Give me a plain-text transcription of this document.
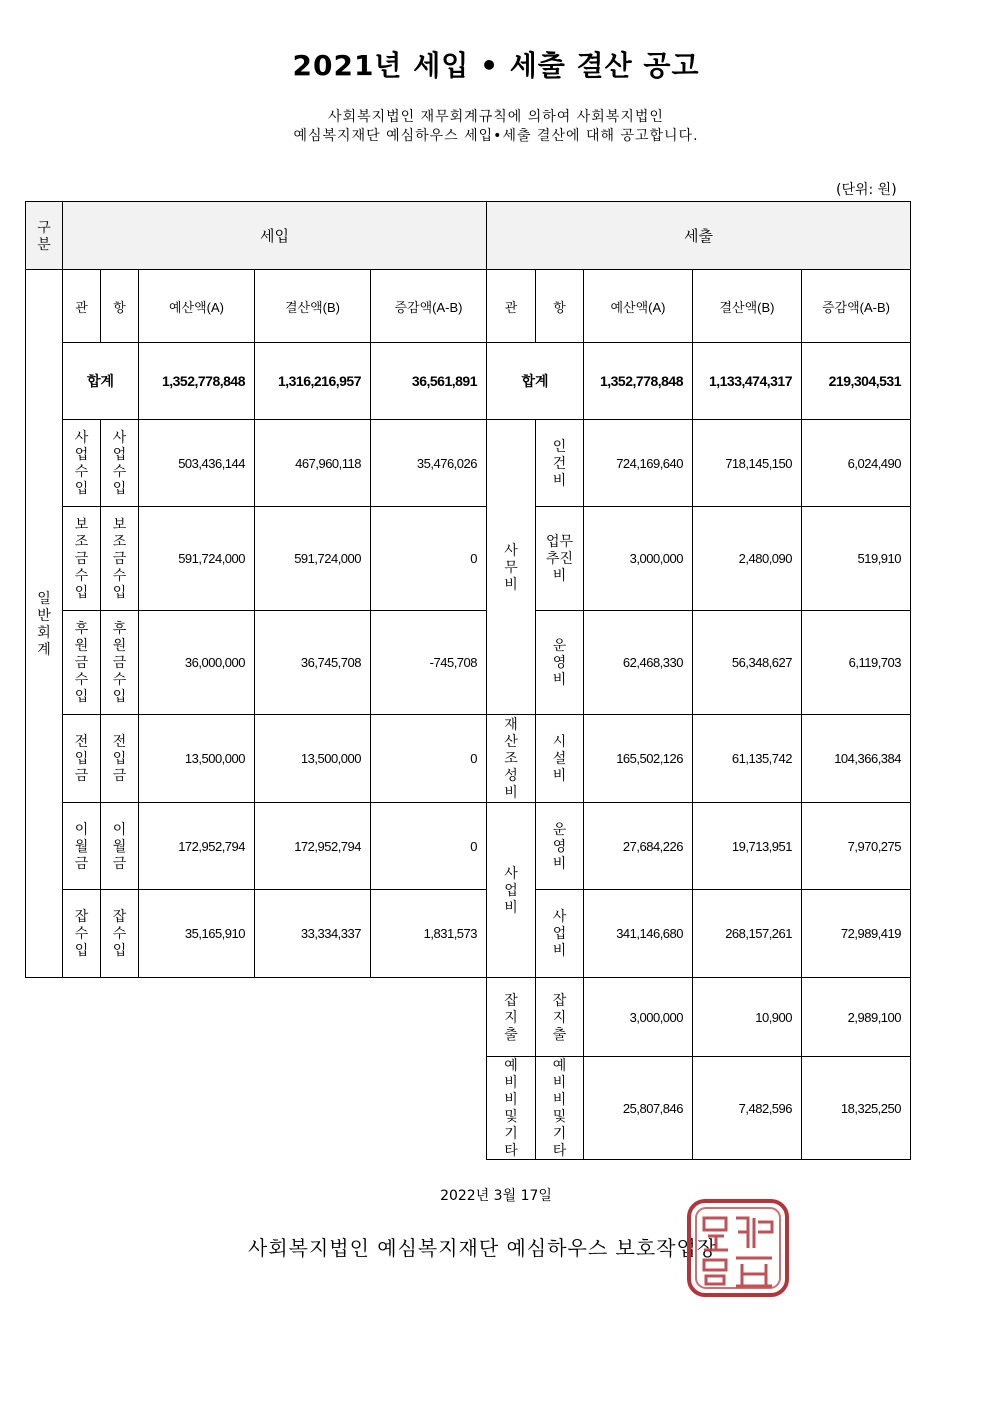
2021년 세입 • 세출 결산 공고
사회복지법인 재무회계규칙에 의하여 사회복지법인
예심복지재단 예심하우스 세입•세출 결산에 대해 공고합니다.
(단위: 원)
구분	세입					세출				
일반회계	관	항	예산액(A)	결산액(B)	증감액(A-B)	관	항	예산액(A)	결산액(B)	증감액(A-B)
	합계		1,352,778,848	1,316,216,957	36,561,891	합계		1,352,778,848	1,133,474,317	219,304,531
	사업수입	사업수입	503,436,144	467,960,118	35,476,026	사무비	인건비	724,169,640	718,145,150	6,024,490
	보조금수입	보조금수입	591,724,000	591,724,000	0		업무추진비	3,000,000	2,480,090	519,910
	후원금수입	후원금수입	36,000,000	36,745,708	-745,708		운영비	62,468,330	56,348,627	6,119,703
	전입금	전입금	13,500,000	13,500,000	0	재산조성비	시설비	165,502,126	61,135,742	104,366,384
	이월금	이월금	172,952,794	172,952,794	0	사업비	운영비	27,684,226	19,713,951	7,970,275
	잡수입	잡수입	35,165,910	33,334,337	1,831,573		사업비	341,146,680	268,157,261	72,989,419
						잡지출	잡지출	3,000,000	10,900	2,989,100
						예비비및기타	예비비및기타	25,807,846	7,482,596	18,325,250
2022년 3월 17일
사회복지법인 예심복지재단 예심하우스 보호작업장
